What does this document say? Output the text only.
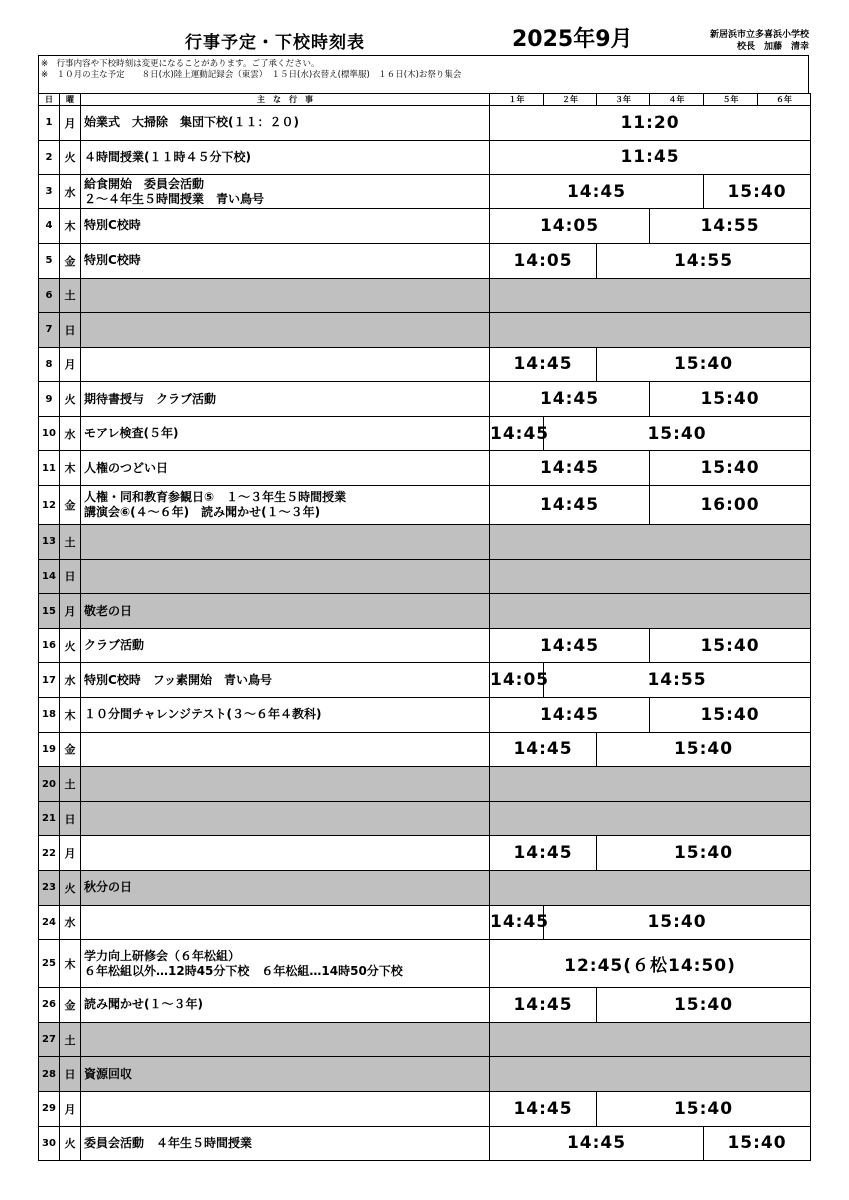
行事予定・下校時刻表	2025年9月	新居浜市立多喜浜小学校
校長　加藤　清幸
※　行事内容や下校時刻は変更になることがあります。ご了承ください。
※　１０月の主な予定　　８日(水)陸上運動記録会（東雲）　１５日(水)衣替え(標準服)　１６日(木)お祭り集会
日	曜	主　な　行　事	１年	２年	３年	４年	５年	６年
1	月	始業式　大掃除　集団下校(１１：２０)	11:20					
2	火	４時間授業(１１時４５分下校)	11:45					
3	水	給食開始　委員会活動
２～４年生５時間授業　青い鳥号	14:45				15:40	
4	木	特別C校時	14:05			14:55		
5	金	特別C校時	14:05		14:55			
6	土						

7	日						

8	月		14:45		15:40			
9	火	期待書授与　クラブ活動	14:45			15:40		
10	水	モアレ検査(５年)	14:45	15:40				
11	木	人権のつどい日	14:45			15:40		
12	金	人権・同和教育参観日⑤　１～３年生５時間授業
講演会⑥(４～６年)　読み聞かせ(１～３年)	14:45			16:00		
13	土						

14	日						

15	月	敬老の日						

16	火	クラブ活動	14:45			15:40		
17	水	特別C校時　フッ素開始　青い鳥号	14:05	14:55				
18	木	１０分間チャレンジテスト(３～６年４教科)	14:45			15:40		
19	金		14:45		15:40			
20	土						

21	日						

22	月		14:45		15:40			
23	火	秋分の日						

24	水		14:45	15:40				
25	木	学力向上研修会（６年松組）
６年松組以外…12時45分下校　６年松組…14時50分下校	12:45(６松14:50)					
26	金	読み聞かせ(１～３年)	14:45		15:40			
27	土						

28	日	資源回収						

29	月		14:45		15:40			
30	火	委員会活動　４年生５時間授業	14:45				15:40	
